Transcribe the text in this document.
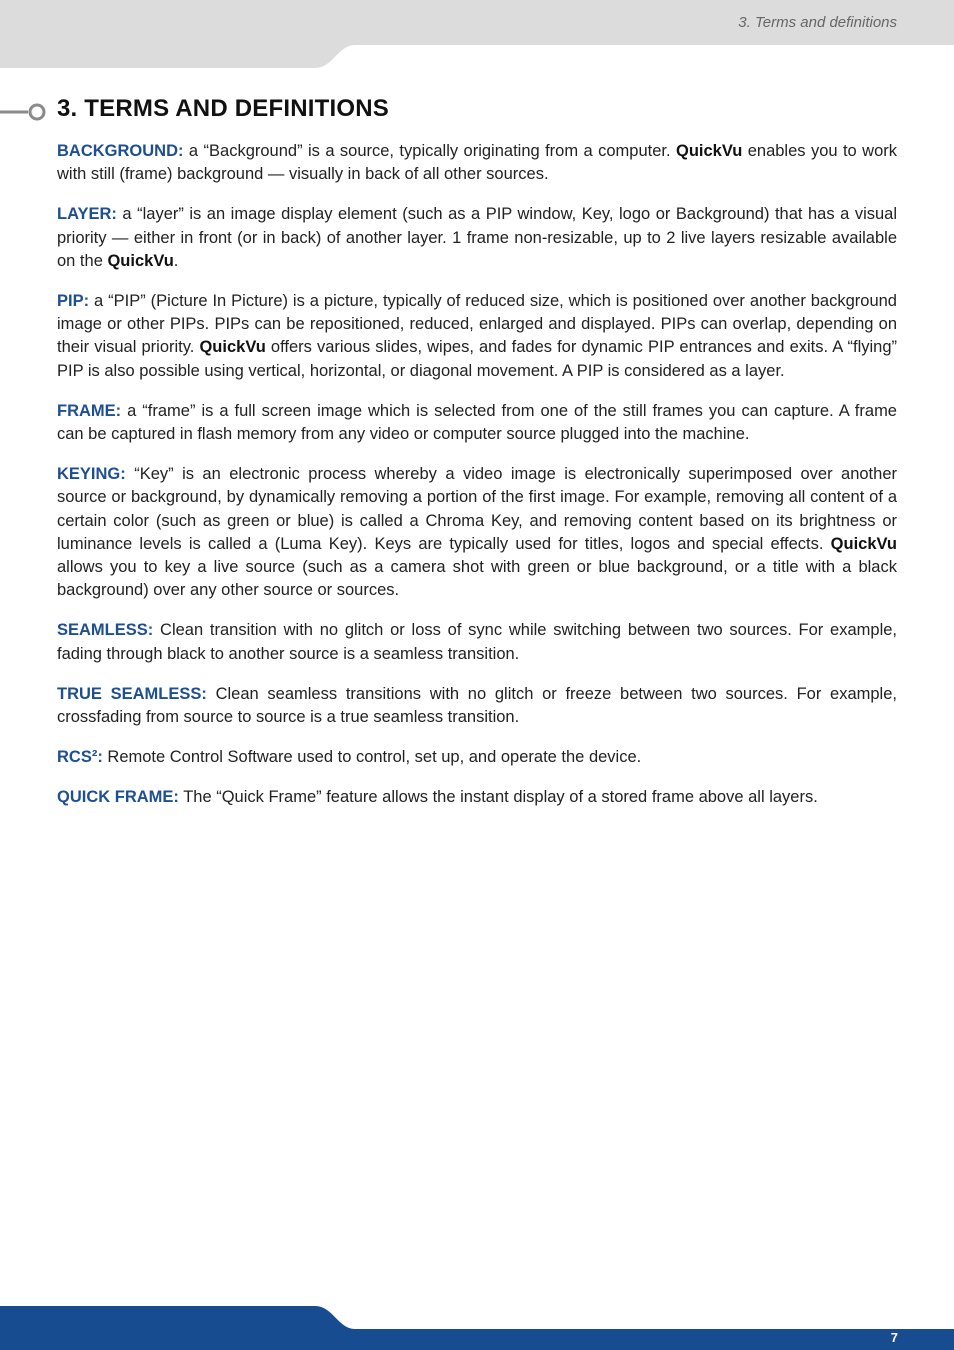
3. Terms and definitions
3. TERMS AND DEFINITIONS

BACKGROUND: a “Background” is a source, typically originating from a computer. QuickVu enables you to work with still (frame) background — visually in back of all other sources.

LAYER: a “layer” is an image display element (such as a PIP window, Key, logo or Background) that has a visual priority — either in front (or in back) of another layer. 1 frame non-resizable, up to 2 live layers resizable available on the QuickVu.

PIP: a “PIP” (Picture In Picture) is a picture, typically of reduced size, which is positioned over another background image or other PIPs. PIPs can be repositioned, reduced, enlarged and displayed. PIPs can overlap, depending on their visual priority. QuickVu offers various slides, wipes, and fades for dynamic PIP entrances and exits. A “flying” PIP is also possible using vertical, horizontal, or diagonal movement. A PIP is considered as a layer.

FRAME: a “frame” is a full screen image which is selected from one of the still frames you can capture. A frame can be captured in flash memory from any video or computer source plugged into the machine.

KEYING: “Key” is an electronic process whereby a video image is electronically superimposed over another source or background, by dynamically removing a portion of the first image. For example, removing all content of a certain color (such as green or blue) is called a Chroma Key, and removing content based on its brightness or luminance levels is called a (Luma Key). Keys are typically used for titles, logos and special effects. QuickVu allows you to key a live source (such as a camera shot with green or blue background, or a title with a black background) over any other source or sources.

SEAMLESS: Clean transition with no glitch or loss of sync while switching between two sources. For example, fading through black to another source is a seamless transition.

TRUE SEAMLESS: Clean seamless transitions with no glitch or freeze between two sources. For example, crossfading from source to source is a true seamless transition.

RCS²: Remote Control Software used to control, set up, and operate the device.

QUICK FRAME: The “Quick Frame” feature allows the instant display of a stored frame above all layers.

7
